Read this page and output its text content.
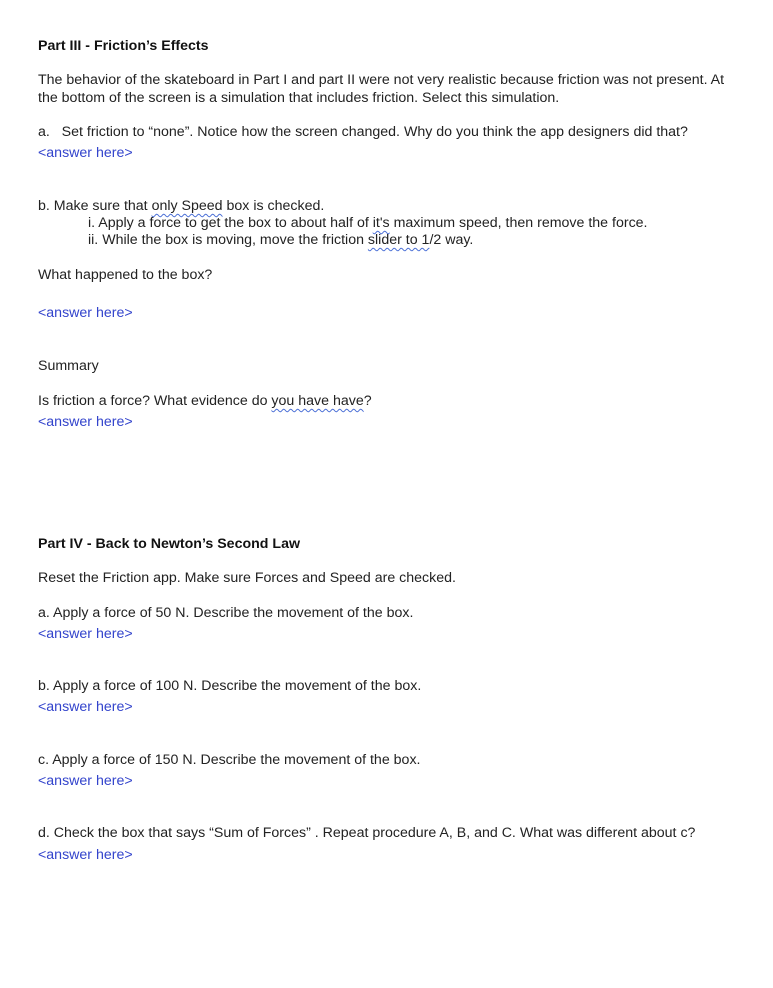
Part III - Friction’s Effects
The behavior of the skateboard in Part I and part II were not very realistic because friction was not present. At
the bottom of the screen is a simulation that includes friction. Select this simulation.
a. Set friction to “none”. Notice how the screen changed. Why do you think the app designers did that?
<answer here>
b. Make sure that only Speed box is checked.
i. Apply a force to get the box to about half of it's maximum speed, then remove the force.
ii. While the box is moving, move the friction slider to 1/2 way.
What happened to the box?
<answer here>
Summary
Is friction a force? What evidence do you have have?
<answer here>
Part IV - Back to Newton’s Second Law
Reset the Friction app. Make sure Forces and Speed are checked.
a. Apply a force of 50 N. Describe the movement of the box.
<answer here>
b. Apply a force of 100 N. Describe the movement of the box.
<answer here>
c. Apply a force of 150 N. Describe the movement of the box.
<answer here>
d. Check the box that says “Sum of Forces” . Repeat procedure A, B, and C. What was different about c?
<answer here>
